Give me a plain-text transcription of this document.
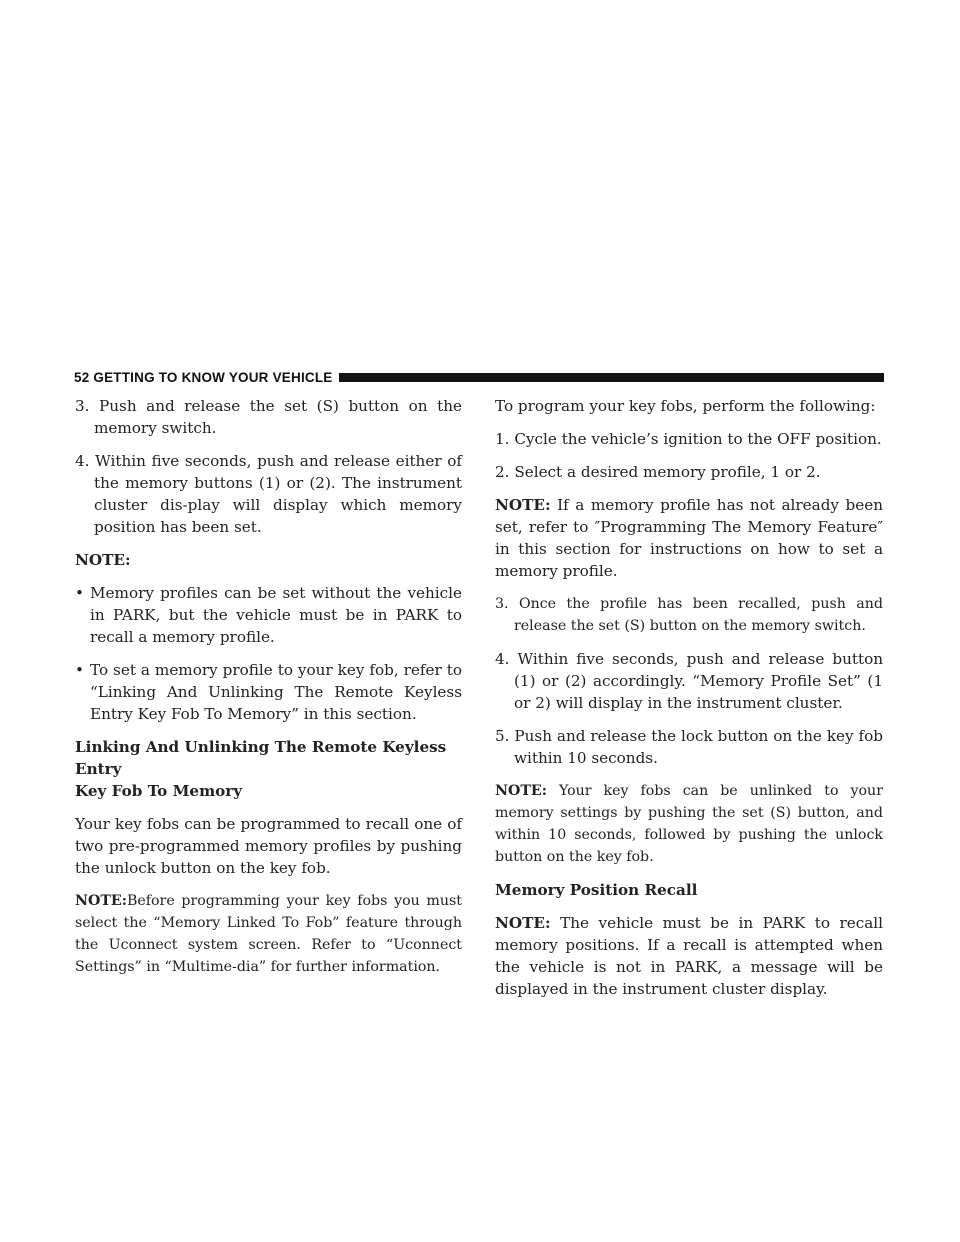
52 GETTING TO KNOW YOUR VEHICLE

3. Push and release the set (S) button on the memory switch.

4. Within five seconds, push and release either of the memory buttons (1) or (2). The instrument cluster dis-play will display which memory position has been set.

NOTE:

• Memory profiles can be set without the vehicle in PARK, but the vehicle must be in PARK to recall a memory profile.
• To set a memory profile to your key fob, refer to “Linking And Unlinking The Remote Keyless Entry Key Fob To Memory” in this section.

Linking And Unlinking The Remote Keyless Entry
Key Fob To Memory

Your key fobs can be programmed to recall one of two pre-programmed memory profiles by pushing the unlock button on the key fob.

NOTE:Before programming your key fobs you must select the “Memory Linked To Fob” feature through the Uconnect system screen. Refer to “Uconnect Settings” in “Multime-dia” for further information.

To program your key fobs, perform the following:

1. Cycle the vehicle’s ignition to the OFF position.

2. Select a desired memory profile, 1 or 2.

NOTE: If a memory profile has not already been set, refer to ″Programming The Memory Feature″ in this section for instructions on how to set a memory profile.

3. Once the profile has been recalled, push and release the set (S) button on the memory switch.

4. Within five seconds, push and release button (1) or (2) accordingly. “Memory Profile Set” (1 or 2) will display in the instrument cluster.

5. Push and release the lock button on the key fob within 10 seconds.

NOTE: Your key fobs can be unlinked to your memory settings by pushing the set (S) button, and within 10 seconds, followed by pushing the unlock button on the key fob.

Memory Position Recall

NOTE: The vehicle must be in PARK to recall memory positions. If a recall is attempted when the vehicle is not in PARK, a message will be displayed in the instrument cluster display.
